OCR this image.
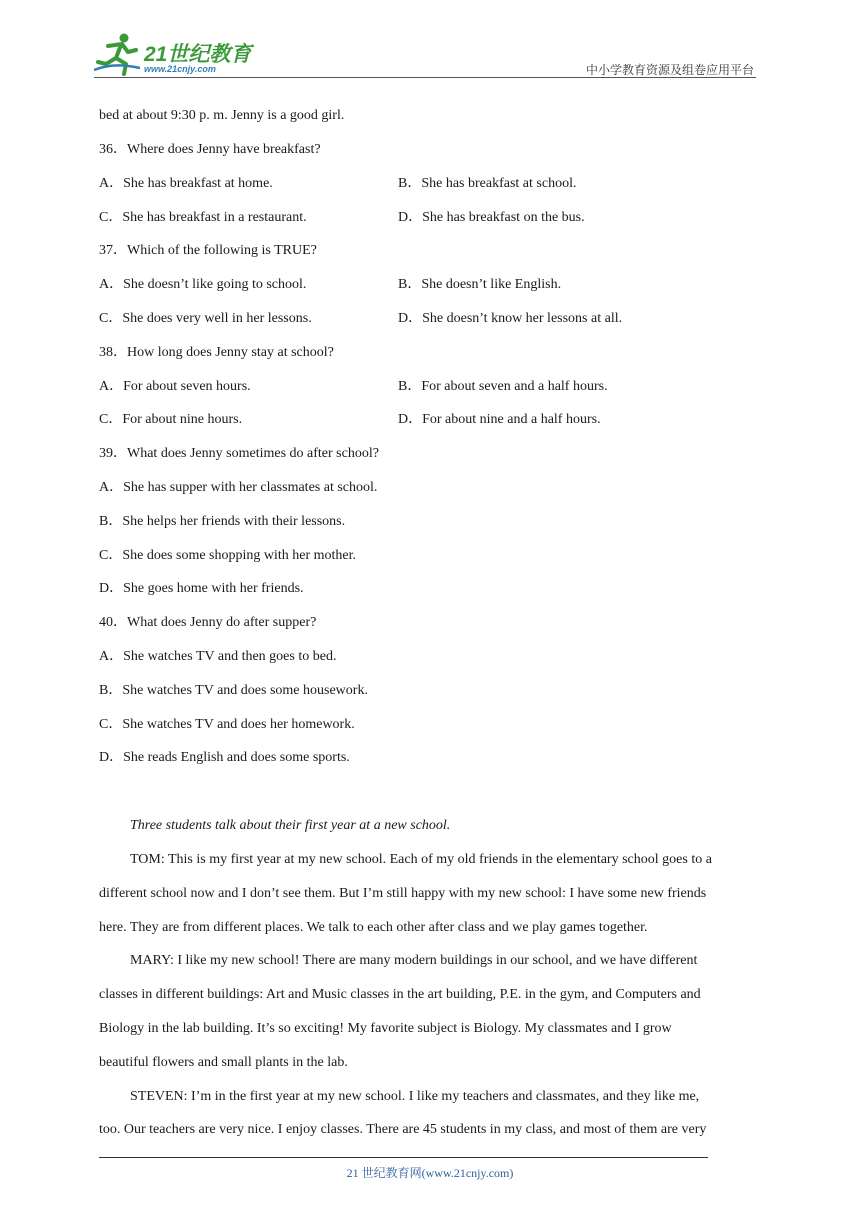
21世纪教育
www.21cnjy.com	中小学教育资源及组卷应用平台
bed at about 9:30 p. m. Jenny is a good girl.
36．Where does Jenny have breakfast?
A．She has breakfast at home.	B．She has breakfast at school.
C．She has breakfast in a restaurant.	D．She has breakfast on the bus.
37．Which of the following is TRUE?
A．She doesn’t like going to school.	B．She doesn’t like English.
C．She does very well in her lessons.	D．She doesn’t know her lessons at all.
38．How long does Jenny stay at school?
A．For about seven hours.	B．For about seven and a half hours.
C．For about nine hours.	D．For about nine and a half hours.
39．What does Jenny sometimes do after school?
A．She has supper with her classmates at school.
B．She helps her friends with their lessons.
C．She does some shopping with her mother.
D．She goes home with her friends.
40．What does Jenny do after supper?
A．She watches TV and then goes to bed.
B．She watches TV and does some housework.
C．She watches TV and does her homework.
D．She reads English and does some sports.
Three students talk about their first year at a new school.
TOM: This is my first year at my new school. Each of my old friends in the elementary school goes to a
different school now and I don’t see them. But I’m still happy with my new school: I have some new friends
here. They are from different places. We talk to each other after class and we play games together.
MARY: I like my new school! There are many modern buildings in our school, and we have different
classes in different buildings: Art and Music classes in the art building, P.E. in the gym, and Computers and
Biology in the lab building. It’s so exciting! My favorite subject is Biology. My classmates and I grow
beautiful flowers and small plants in the lab.
STEVEN: I’m in the first year at my new school. I like my teachers and classmates, and they like me,
too. Our teachers are very nice. I enjoy classes. There are 45 students in my class, and most of them are very
21 世纪教育网(www.21cnjy.com)
